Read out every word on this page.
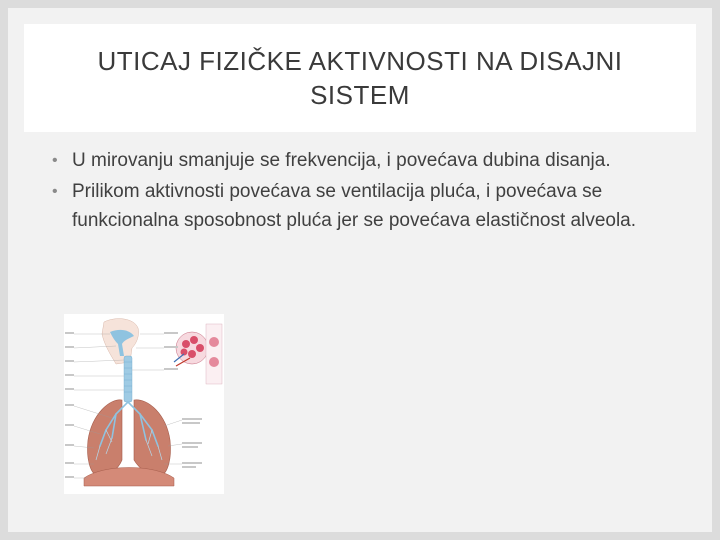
UTICAJ FIZIČKE AKTIVNOSTI NA DISAJNI SISTEM
• U mirovanju smanjuje se frekvencija, i povećava dubina disanja.
• Prilikom aktivnosti povećava se ventilacija pluća, i povećava se funkcionalna sposobnost pluća jer se povećava elastičnost alveola.
